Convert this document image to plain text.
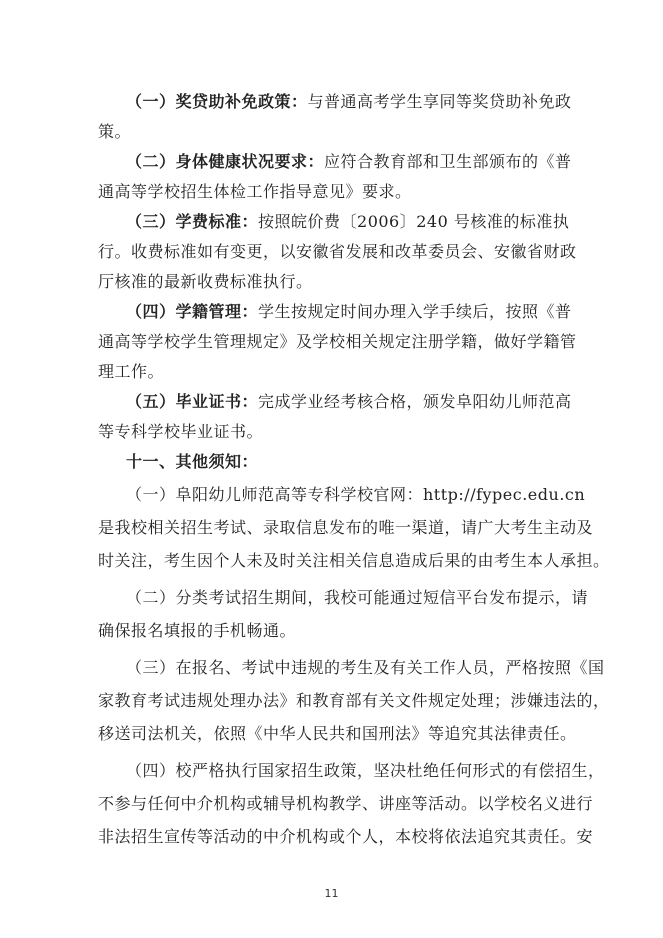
（一）奖贷助补免政策：与普通高考学生享同等奖贷助补免政
策。
（二）身体健康状况要求：应符合教育部和卫生部颁布的《普
通高等学校招生体检工作指导意见》要求。
（三）学费标准：按照皖价费〔2006〕240 号核准的标准执
行。收费标准如有变更，以安徽省发展和改革委员会、安徽省财政
厅核准的最新收费标准执行。
（四）学籍管理：学生按规定时间办理入学手续后，按照《普
通高等学校学生管理规定》及学校相关规定注册学籍，做好学籍管
理工作。
（五）毕业证书：完成学业经考核合格，颁发阜阳幼儿师范高
等专科学校毕业证书。
十一、其他须知：
（一）阜阳幼儿师范高等专科学校官网：http://fypec.edu.cn
是我校相关招生考试、录取信息发布的唯一渠道，请广大考生主动及
时关注，考生因个人未及时关注相关信息造成后果的由考生本人承担。
（二）分类考试招生期间，我校可能通过短信平台发布提示，请
确保报名填报的手机畅通。
（三）在报名、考试中违规的考生及有关工作人员，严格按照《国
家教育考试违规处理办法》和教育部有关文件规定处理；涉嫌违法的，
移送司法机关，依照《中华人民共和国刑法》等追究其法律责任。
（四）校严格执行国家招生政策，坚决杜绝任何形式的有偿招生，
不参与任何中介机构或辅导机构教学、讲座等活动。以学校名义进行
非法招生宣传等活动的中介机构或个人，本校将依法追究其责任。安
11
